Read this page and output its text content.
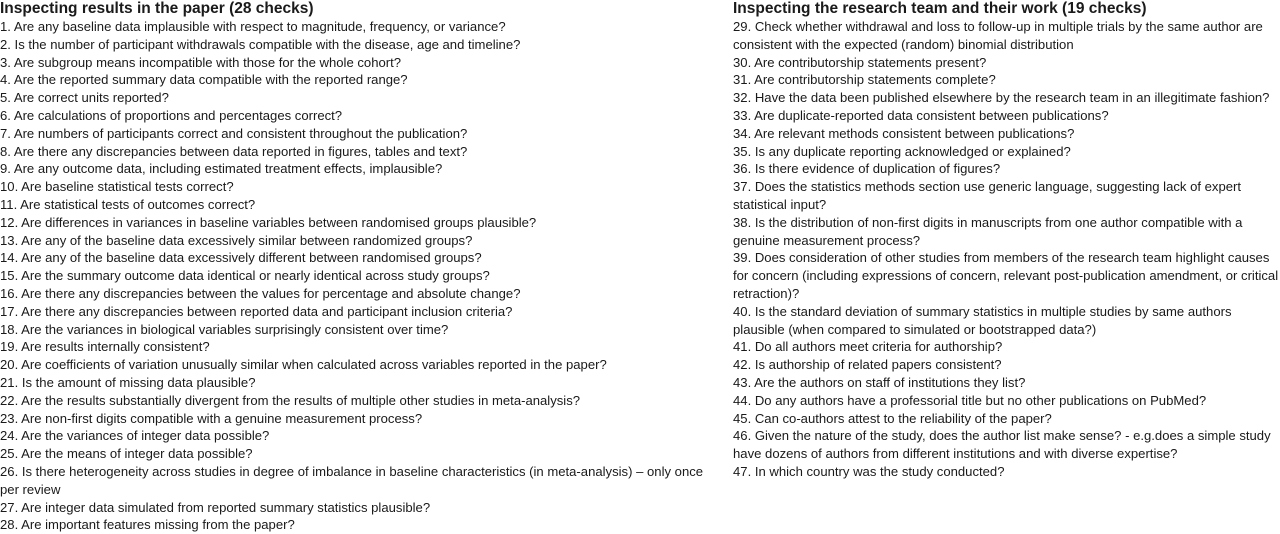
Inspecting results in the paper (28 checks)
1. Are any baseline data implausible with respect to magnitude, frequency, or variance?
2. Is the number of participant withdrawals compatible with the disease, age and timeline?
3. Are subgroup means incompatible with those for the whole cohort?
4. Are the reported summary data compatible with the reported range?
5. Are correct units reported?
6. Are calculations of proportions and percentages correct?
7. Are numbers of participants correct and consistent throughout the publication?
8. Are there any discrepancies between data reported in figures, tables and text?
9. Are any outcome data, including estimated treatment effects, implausible?
10. Are baseline statistical tests correct?
11. Are statistical tests of outcomes correct?
12. Are differences in variances in baseline variables between randomised groups plausible?
13. Are any of the baseline data excessively similar between randomized groups?
14. Are any of the baseline data excessively different between randomised groups?
15. Are the summary outcome data identical or nearly identical across study groups?
16. Are there any discrepancies between the values for percentage and absolute change?
17. Are there any discrepancies between reported data and participant inclusion criteria?
18. Are the variances in biological variables surprisingly consistent over time?
19. Are results internally consistent?
20. Are coefficients of variation unusually similar when calculated across variables reported in the paper?
21. Is the amount of missing data plausible?
22. Are the results substantially divergent from the results of multiple other studies in meta-analysis?
23. Are non-first digits compatible with a genuine measurement process?
24. Are the variances of integer data possible?
25. Are the means of integer data possible?
26. Is there heterogeneity across studies in degree of imbalance in baseline characteristics (in meta-analysis) – only once per review
27. Are integer data simulated from reported summary statistics plausible?
28. Are important features missing from the paper?
Inspecting the research team and their work (19 checks)
29. Check whether withdrawal and loss to follow-up in multiple trials by the same author are consistent with the expected (random) binomial distribution
30. Are contributorship statements present?
31. Are contributorship statements complete?
32. Have the data been published elsewhere by the research team in an illegitimate fashion?
33. Are duplicate-reported data consistent between publications?
34. Are relevant methods consistent between publications?
35. Is any duplicate reporting acknowledged or explained?
36. Is there evidence of duplication of figures?
37. Does the statistics methods section use generic language, suggesting lack of expert statistical input?
38. Is the distribution of non-first digits in manuscripts from one author compatible with a genuine measurement process?
39. Does consideration of other studies from members of the research team highlight causes for concern (including expressions of concern, relevant post-publication amendment, or critical retraction)?
40. Is the standard deviation of summary statistics in multiple studies by same authors plausible (when compared to simulated or bootstrapped data?)
41. Do all authors meet criteria for authorship?
42. Is authorship of related papers consistent?
43. Are the authors on staff of institutions they list?
44. Do any authors have a professorial title but no other publications on PubMed?
45. Can co-authors attest to the reliability of the paper?
46. Given the nature of the study, does the author list make sense? - e.g.does a simple study have dozens of authors from different institutions and with diverse expertise?
47. In which country was the study conducted?
